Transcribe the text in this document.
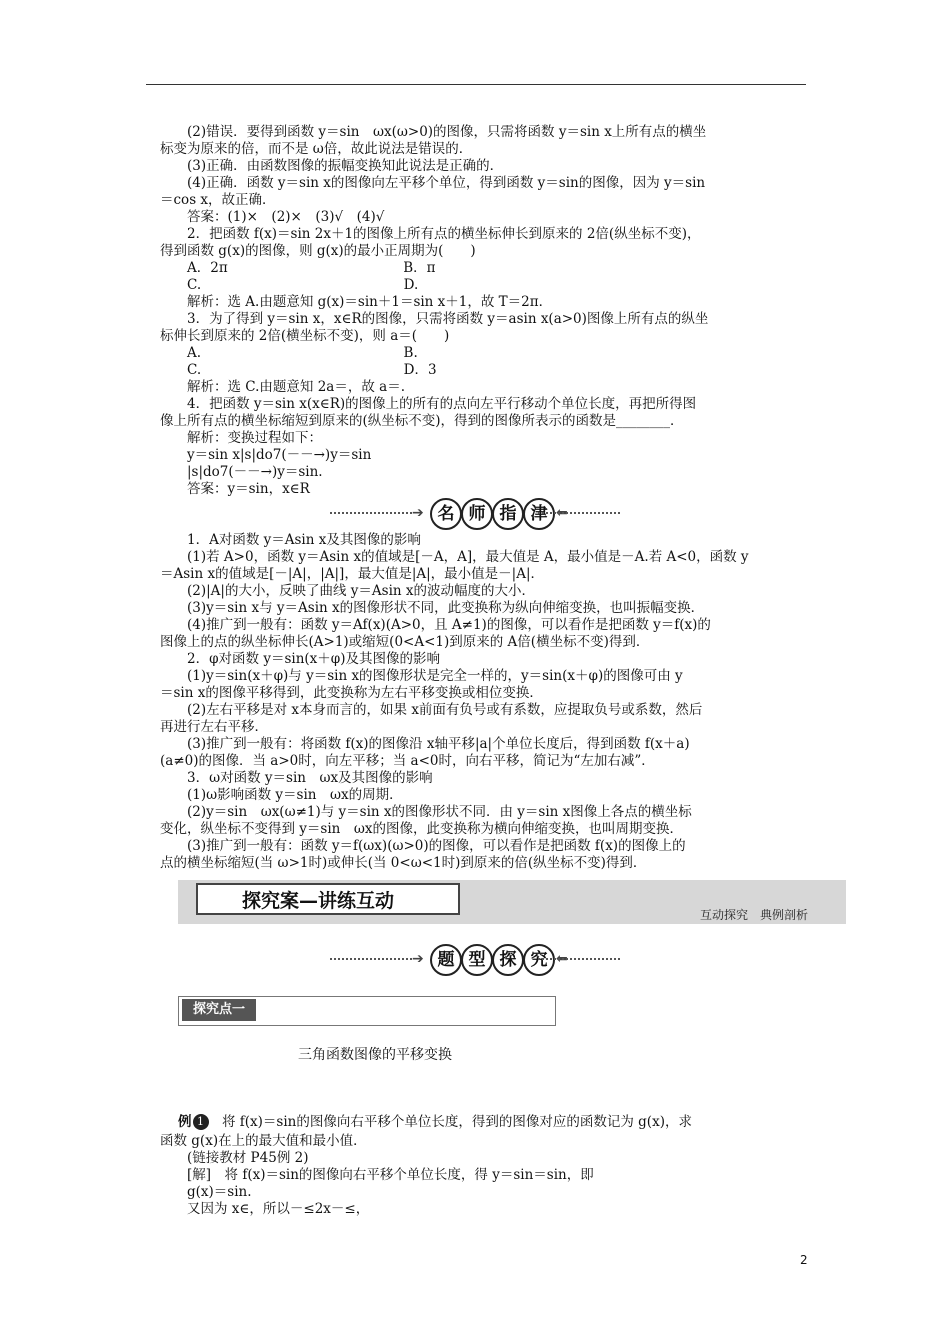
　　(2)错误．要得到函数 y＝sin　ωx(ω>0)的图像，只需将函数 y＝sin x上所有点的横坐
标变为原来的倍，而不是 ω倍，故此说法是错误的．
　　(3)正确．由函数图像的振幅变换知此说法是正确的．
　　(4)正确．函数 y＝sin x的图像向左平移个单位，得到函数 y＝sin的图像，因为 y＝sin
＝cos x，故正确．
　　答案：(1)×　(2)×　(3)√　(4)√
　　2．把函数 f(x)＝sin 2x＋1的图像上所有点的横坐标伸长到原来的 2倍(纵坐标不变)，
得到函数 g(x)的图像，则 g(x)的最小正周期为(　　)
　　A．2π　　　　　　　　　　　　　B．π
　　C.　　　　　　　　　　　　　　　D.
　　解析：选 A.由题意知 g(x)＝sin＋1＝sin x＋1，故 T＝2π．
　　3．为了得到 y＝sin x，x∈R的图像，只需将函数 y＝asin x(a>0)图像上所有点的纵坐
标伸长到原来的 2倍(横坐标不变)，则 a＝(　　)
　　A.　　　　　　　　　　　　　　　B.
　　C.　　　　　　　　　　　　　　　D．3
　　解析：选 C.由题意知 2a＝，故 a＝.
　　4．把函数 y＝sin x(x∈R)的图像上的所有的点向左平行移动个单位长度，再把所得图
像上所有点的横坐标缩短到原来的(纵坐标不变)，得到的图像所表示的函数是________．
　　解析：变换过程如下：
　　y＝sin x|s|do7(－－→)y＝sin
　　|s|do7(－－→)y＝sin.
　　答案：y＝sin，x∈R
➔ 名 师 指 津 ⬅
　　1．A对函数 y＝Asin x及其图像的影响
　　(1)若 A>0，函数 y＝Asin x的值域是[－A，A]，最大值是 A，最小值是－A.若 A<0，函数 y
＝Asin x的值域是[－|A|，|A|]，最大值是|A|，最小值是－|A|．
　　(2)|A|的大小，反映了曲线 y＝Asin x的波动幅度的大小．
　　(3)y＝sin x与 y＝Asin x的图像形状不同，此变换称为纵向伸缩变换，也叫振幅变换．
　　(4)推广到一般有：函数 y＝Af(x)(A>0，且 A≠1)的图像，可以看作是把函数 y＝f(x)的
图像上的点的纵坐标伸长(A>1)或缩短(0<A<1)到原来的 A倍(横坐标不变)得到．
　　2．φ对函数 y＝sin(x＋φ)及其图像的影响
　　(1)y＝sin(x＋φ)与 y＝sin x的图像形状是完全一样的，y＝sin(x＋φ)的图像可由 y
＝sin x的图像平移得到，此变换称为左右平移变换或相位变换．
　　(2)左右平移是对 x本身而言的，如果 x前面有负号或有系数，应提取负号或系数，然后
再进行左右平移．
　　(3)推广到一般有：将函数 f(x)的图像沿 x轴平移|a|个单位长度后，得到函数 f(x＋a)
(a≠0)的图像．当 a>0时，向左平移；当 a<0时，向右平移，简记为“左加右减”．
　　3．ω对函数 y＝sin　ωx及其图像的影响
　　(1)ω影响函数 y＝sin　ωx的周期．
　　(2)y＝sin　ωx(ω≠1)与 y＝sin x的图像形状不同．由 y＝sin x图像上各点的横坐标
变化，纵坐标不变得到 y＝sin　ωx的图像，此变换称为横向伸缩变换，也叫周期变换．
　　(3)推广到一般有：函数 y＝f(ωx)(ω>0)的图像，可以看作是把函数 f(x)的图像上的
点的横坐标缩短(当 ω>1时)或伸长(当 0<ω<1时)到原来的倍(纵坐标不变)得到．
探究案—讲练互动
互动探究　典例剖析
➔ 题 型 探 究 ⬅
探究点一
三角函数图像的平移变换
例 1　将 f(x)＝sin的图像向右平移个单位长度，得到的图像对应的函数记为 g(x)，求
函数 g(x)在上的最大值和最小值．
　　(链接教材 P45例 2)
　　[解]　将 f(x)＝sin的图像向右平移个单位长度，得 y＝sin＝sin，即
　　g(x)＝sin.
　　又因为 x∈，所以－≤2x－≤，
2
